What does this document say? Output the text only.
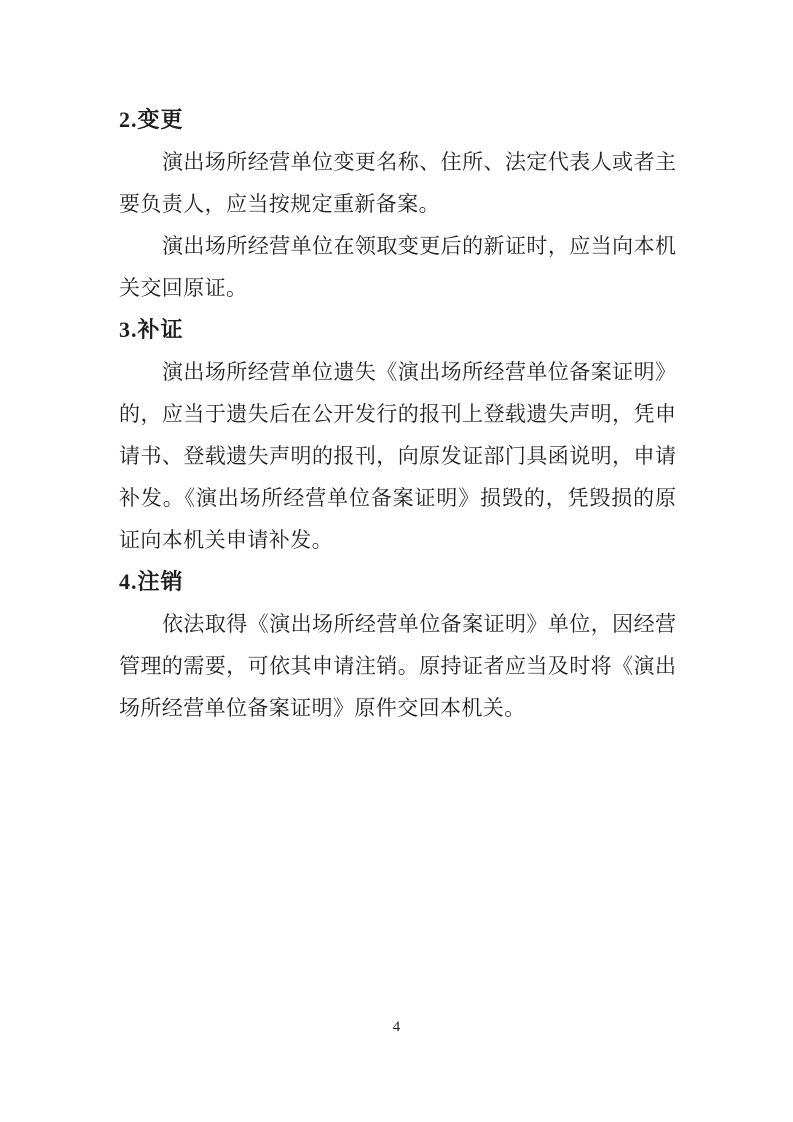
2.变更
演出场所经营单位变更名称、住所、法定代表人或者主
要负责人，应当按规定重新备案。
演出场所经营单位在领取变更后的新证时，应当向本机
关交回原证。
3.补证
演出场所经营单位遗失《演出场所经营单位备案证明》
的，应当于遗失后在公开发行的报刊上登载遗失声明，凭申
请书、登载遗失声明的报刊，向原发证部门具函说明，申请
补发。《演出场所经营单位备案证明》损毁的，凭毁损的原
证向本机关申请补发。
4.注销
依法取得《演出场所经营单位备案证明》单位，因经营
管理的需要，可依其申请注销。原持证者应当及时将《演出
场所经营单位备案证明》原件交回本机关。
4
